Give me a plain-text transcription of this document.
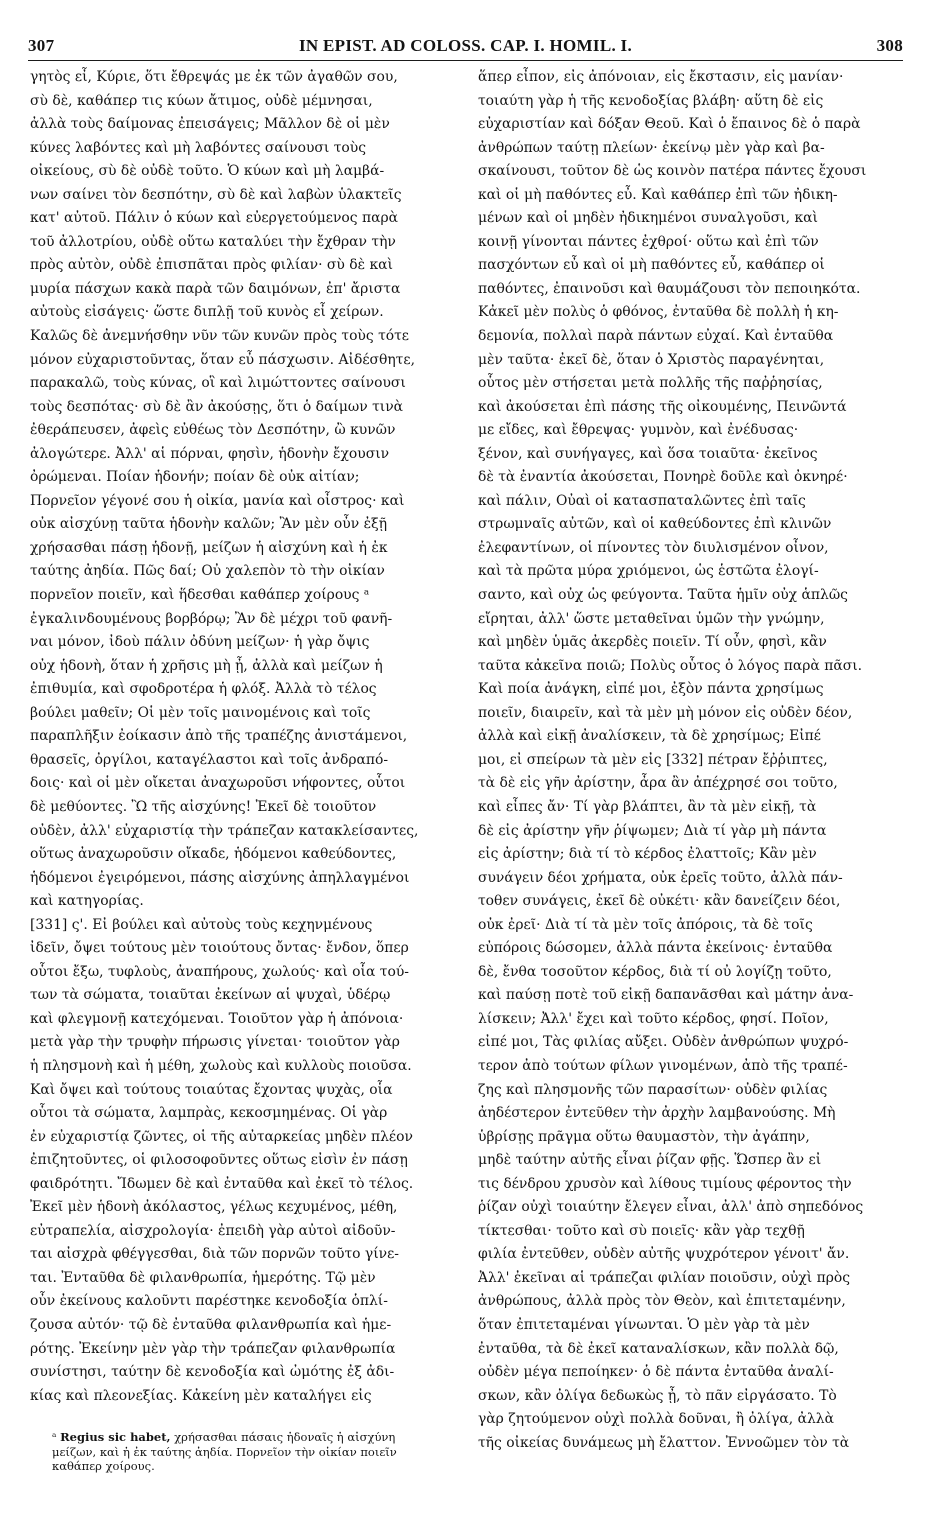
307	IN EPIST. AD COLOSS. CAP. I. HOMIL. I.	308
γητὸς εἶ, Κύριε, ὅτι ἔθρεψάς με ἐκ τῶν ἀγαθῶν σου,
σὺ δὲ, καθάπερ τις κύων ἄτιμος, οὐδὲ μέμνησαι,
ἀλλὰ τοὺς δαίμονας ἐπεισάγεις; Μᾶλλον δὲ οἱ μὲν
κύνες λαβόντες καὶ μὴ λαβόντες σαίνουσι τοὺς
οἰκείους, σὺ δὲ οὐδὲ τοῦτο. Ὁ κύων καὶ μὴ λαμβά-
νων σαίνει τὸν δεσπότην, σὺ δὲ καὶ λαβὼν ὑλακτεῖς
κατ' αὐτοῦ. Πάλιν ὁ κύων καὶ εὐεργετούμενος παρὰ
τοῦ ἀλλοτρίου, οὐδὲ οὕτω καταλύει τὴν ἔχθραν τὴν
πρὸς αὐτὸν, οὐδὲ ἐπισπᾶται πρὸς φιλίαν· σὺ δὲ καὶ
μυρία πάσχων κακὰ παρὰ τῶν δαιμόνων, ἐπ' ἄριστα
αὐτοὺς εἰσάγεις· ὥστε διπλῇ τοῦ κυνὸς εἶ χείρων.
Καλῶς δὲ ἀνεμνήσθην νῦν τῶν κυνῶν πρὸς τοὺς τότε
μόνον εὐχαριστοῦντας, ὅταν εὖ πάσχωσιν. Αἰδέσθητε,
παρακαλῶ, τοὺς κύνας, οἳ καὶ λιμώττοντες σαίνουσι
τοὺς δεσπότας· σὺ δὲ ἂν ἀκούσῃς, ὅτι ὁ δαίμων τινὰ
ἐθεράπευσεν, ἀφεὶς εὐθέως τὸν Δεσπότην, ὢ κυνῶν
ἀλογώτερε. Ἀλλ' αἱ πόρναι, φησὶν, ἡδονὴν ἔχουσιν
ὀρώμεναι. Ποίαν ἡδονήν; ποίαν δὲ οὐκ αἰτίαν;
Πορνεῖον γέγονέ σου ἡ οἰκία, μανία καὶ οἶστρος· καὶ
οὐκ αἰσχύνῃ ταῦτα ἡδονὴν καλῶν; Ἂν μὲν οὖν ἐξῇ
χρήσασθαι πάσῃ ἡδονῇ, μείζων ἡ αἰσχύνη καὶ ἡ ἐκ
ταύτης ἀηδία. Πῶς δαί; Οὐ χαλεπὸν τὸ τὴν οἰκίαν
πορνεῖον ποιεῖν, καὶ ἥδεσθαι καθάπερ χοίρους ᵃ
ἐγκαλινδουμένους βορβόρῳ; Ἂν δὲ μέχρι τοῦ φανῆ-
ναι μόνον, ἰδοὺ πάλιν ὀδύνη μείζων· ἡ γὰρ ὄψις
οὐχ ἡδονὴ, ὅταν ἡ χρῆσις μὴ ᾖ, ἀλλὰ καὶ μείζων ἡ
ἐπιθυμία, καὶ σφοδροτέρα ἡ φλόξ. Ἀλλὰ τὸ τέλος
βούλει μαθεῖν; Οἱ μὲν τοῖς μαινομένοις καὶ τοῖς
παραπλῆξιν ἐοίκασιν ἀπὸ τῆς τραπέζης ἀνιστάμενοι,
θρασεῖς, ὀργίλοι, καταγέλαστοι καὶ τοῖς ἀνδραπό-
δοις· καὶ οἱ μὲν οἴκεται ἀναχωροῦσι νήφοντες, οὗτοι
δὲ μεθύοντες. Ὢ τῆς αἰσχύνης! Ἐκεῖ δὲ τοιοῦτον
οὐδὲν, ἀλλ' εὐχαριστίᾳ τὴν τράπεζαν κατακλείσαντες,
οὕτως ἀναχωροῦσιν οἴκαδε, ἡδόμενοι καθεύδοντες,
ἡδόμενοι ἐγειρόμενοι, πάσης αἰσχύνης ἀπηλλαγμένοι
καὶ κατηγορίας.
[331] ς'. Εἰ βούλει καὶ αὐτοὺς τοὺς κεχηνμένους
ἰδεῖν, ὄψει τούτους μὲν τοιούτους ὄντας· ἔνδον, ὅπερ
οὗτοι ἔξω, τυφλοὺς, ἀναπήρους, χωλούς· καὶ οἷα τού-
των τὰ σώματα, τοιαῦται ἐκείνων αἱ ψυχαὶ, ὑδέρῳ
καὶ φλεγμονῇ κατεχόμεναι. Τοιοῦτον γὰρ ἡ ἀπόνοια·
μετὰ γὰρ τὴν τρυφὴν πήρωσις γίνεται· τοιοῦτον γὰρ
ἡ πλησμονὴ καὶ ἡ μέθη, χωλοὺς καὶ κυλλοὺς ποιοῦσα.
Καὶ ὄψει καὶ τούτους τοιαύτας ἔχοντας ψυχὰς, οἷα
οὗτοι τὰ σώματα, λαμπρὰς, κεκοσμημένας. Οἱ γὰρ
ἐν εὐχαριστίᾳ ζῶντες, οἱ τῆς αὐταρκείας μηδὲν πλέον
ἐπιζητοῦντες, οἱ φιλοσοφοῦντες οὕτως εἰσὶν ἐν πάσῃ
φαιδρότητι. Ἴδωμεν δὲ καὶ ἐνταῦθα καὶ ἐκεῖ τὸ τέλος.
Ἐκεῖ μὲν ἡδονὴ ἀκόλαστος, γέλως κεχυμένος, μέθη,
εὐτραπελία, αἰσχρολογία· ἐπειδὴ γὰρ αὐτοὶ αἰδοῦν-
ται αἰσχρὰ φθέγγεσθαι, διὰ τῶν πορνῶν τοῦτο γίνε-
ται. Ἐνταῦθα δὲ φιλανθρωπία, ἡμερότης. Τῷ μὲν
οὖν ἐκείνους καλοῦντι παρέστηκε κενοδοξία ὁπλί-
ζουσα αὐτόν· τῷ δὲ ἐνταῦθα φιλανθρωπία καὶ ἡμε-
ρότης. Ἐκείνην μὲν γὰρ τὴν τράπεζαν φιλανθρωπία
συνίστησι, ταύτην δὲ κενοδοξία καὶ ὠμότης ἐξ ἀδι-
κίας καὶ πλεονεξίας. Κἀκείνη μὲν καταλήγει εἰς
ἅπερ εἶπον, εἰς ἀπόνοιαν, εἰς ἔκστασιν, εἰς μανίαν·
τοιαύτη γὰρ ἡ τῆς κενοδοξίας βλάβη· αὕτη δὲ εἰς
εὐχαριστίαν καὶ δόξαν Θεοῦ. Καὶ ὁ ἔπαινος δὲ ὁ παρὰ
ἀνθρώπων ταύτῃ πλείων· ἐκείνῳ μὲν γὰρ καὶ βα-
σκαίνουσι, τοῦτον δὲ ὡς κοινὸν πατέρα πάντες ἔχουσι
καὶ οἱ μὴ παθόντες εὖ. Καὶ καθάπερ ἐπὶ τῶν ἠδικη-
μένων καὶ οἱ μηδὲν ἠδικημένοι συναλγοῦσι, καὶ
κοινῇ γίνονται πάντες ἐχθροί· οὕτω καὶ ἐπὶ τῶν
πασχόντων εὖ καὶ οἱ μὴ παθόντες εὖ, καθάπερ οἱ
παθόντες, ἐπαινοῦσι καὶ θαυμάζουσι τὸν πεποιηκότα.
Κἀκεῖ μὲν πολὺς ὁ φθόνος, ἐνταῦθα δὲ πολλὴ ἡ κη-
δεμονία, πολλαὶ παρὰ πάντων εὐχαί. Καὶ ἐνταῦθα
μὲν ταῦτα· ἐκεῖ δὲ, ὅταν ὁ Χριστὸς παραγένηται,
οὗτος μὲν στήσεται μετὰ πολλῆς τῆς παῤῥησίας,
καὶ ἀκούσεται ἐπὶ πάσης τῆς οἰκουμένης, Πεινῶντά
με εἴδες, καὶ ἔθρεψας· γυμνὸν, καὶ ἐνέδυσας·
ξένον, καὶ συνήγαγες, καὶ ὅσα τοιαῦτα· ἐκεῖνος
δὲ τὰ ἐναντία ἀκούσεται, Πονηρὲ δοῦλε καὶ ὀκνηρέ·
καὶ πάλιν, Οὐαὶ οἱ κατασπαταλῶντες ἐπὶ ταῖς
στρωμναῖς αὐτῶν, καὶ οἱ καθεύδοντες ἐπὶ κλινῶν
ἐλεφαντίνων, οἱ πίνοντες τὸν διυλισμένον οἶνον,
καὶ τὰ πρῶτα μύρα χριόμενοι, ὡς ἑστῶτα ἐλογί-
σαντο, καὶ οὐχ ὡς φεύγοντα. Ταῦτα ἡμῖν οὐχ ἁπλῶς
εἴρηται, ἀλλ' ὥστε μεταθεῖναι ὑμῶν τὴν γνώμην,
καὶ μηδὲν ὑμᾶς ἀκερδὲς ποιεῖν. Τί οὖν, φησὶ, κἂν
ταῦτα κἀκεῖνα ποιῶ; Πολὺς οὗτος ὁ λόγος παρὰ πᾶσι.
Καὶ ποία ἀνάγκη, εἰπέ μοι, ἐξὸν πάντα χρησίμως
ποιεῖν, διαιρεῖν, καὶ τὰ μὲν μὴ μόνον εἰς οὐδὲν δέον,
ἀλλὰ καὶ εἰκῇ ἀναλίσκειν, τὰ δὲ χρησίμως; Εἰπέ
μοι, εἰ σπείρων τὰ μὲν εἰς [332] πέτραν ἔῤῥιπτες,
τὰ δὲ εἰς γῆν ἀρίστην, ἆρα ἂν ἀπέχρησέ σοι τοῦτο,
καὶ εἶπες ἄν· Τί γὰρ βλάπτει, ἂν τὰ μὲν εἰκῇ, τὰ
δὲ εἰς ἀρίστην γῆν ῥίψωμεν; Διὰ τί γὰρ μὴ πάντα
εἰς ἀρίστην; διὰ τί τὸ κέρδος ἐλαττοῖς; Κἂν μὲν
συνάγειν δέοι χρήματα, οὐκ ἐρεῖς τοῦτο, ἀλλὰ πάν-
τοθεν συνάγεις, ἐκεῖ δὲ οὐκέτι· κἂν δανείζειν δέοι,
οὐκ ἐρεῖ· Διὰ τί τὰ μὲν τοῖς ἀπόροις, τὰ δὲ τοῖς
εὐπόροις δώσομεν, ἀλλὰ πάντα ἐκείνοις· ἐνταῦθα
δὲ, ἔνθα τοσοῦτον κέρδος, διὰ τί οὐ λογίζῃ τοῦτο,
καὶ παύσῃ ποτὲ τοῦ εἰκῇ δαπανᾶσθαι καὶ μάτην ἀνα-
λίσκειν; Ἀλλ' ἔχει καὶ τοῦτο κέρδος, φησί. Ποῖον,
εἰπέ μοι, Τὰς φιλίας αὔξει. Οὐδὲν ἀνθρώπων ψυχρό-
τερον ἀπὸ τούτων φίλων γινομένων, ἀπὸ τῆς τραπέ-
ζης καὶ πλησμονῆς τῶν παρασίτων· οὐδὲν φιλίας
ἀηδέστερον ἐντεῦθεν τὴν ἀρχὴν λαμβανούσης. Μὴ
ὑβρίσῃς πρᾶγμα οὕτω θαυμαστὸν, τὴν ἀγάπην,
μηδὲ ταύτην αὐτῆς εἶναι ῥίζαν φῇς. Ὥσπερ ἂν εἰ
τις δένδρου χρυσὸν καὶ λίθους τιμίους φέροντος τὴν
ῥίζαν οὐχὶ τοιαύτην ἔλεγεν εἶναι, ἀλλ' ἀπὸ σηπεδόνος
τίκτεσθαι· τοῦτο καὶ σὺ ποιεῖς· κἂν γὰρ τεχθῇ
φιλία ἐντεῦθεν, οὐδὲν αὐτῆς ψυχρότερον γένοιτ' ἄν.
Ἀλλ' ἐκεῖναι αἱ τράπεζαι φιλίαν ποιοῦσιν, οὐχὶ πρὸς
ἀνθρώπους, ἀλλὰ πρὸς τὸν Θεὸν, καὶ ἐπιτεταμένην,
ὅταν ἐπιτεταμέναι γίνωνται. Ὁ μὲν γὰρ τὰ μὲν
ἐνταῦθα, τὰ δὲ ἐκεῖ καταναλίσκων, κἂν πολλὰ δῷ,
οὐδὲν μέγα πεποίηκεν· ὁ δὲ πάντα ἐνταῦθα ἀναλί-
σκων, κἂν ὀλίγα δεδωκὼς ᾖ, τὸ πᾶν εἰργάσατο. Τὸ
γὰρ ζητούμενον οὐχὶ πολλὰ δοῦναι, ἢ ὀλίγα, ἀλλὰ
τῆς οἰκείας δυνάμεως μὴ ἔλαττον. Ἐννοῶμεν τὸν τὰ
ᵃ Regius sic habet, χρήσασθαι πάσαις ἡδοναῖς ἡ αἰσχύνη
μείζων, καὶ ἡ ἐκ ταύτης ἀηδία. Πορνεῖον τὴν οἰκίαν ποιεῖν
καθάπερ χοίρους.
